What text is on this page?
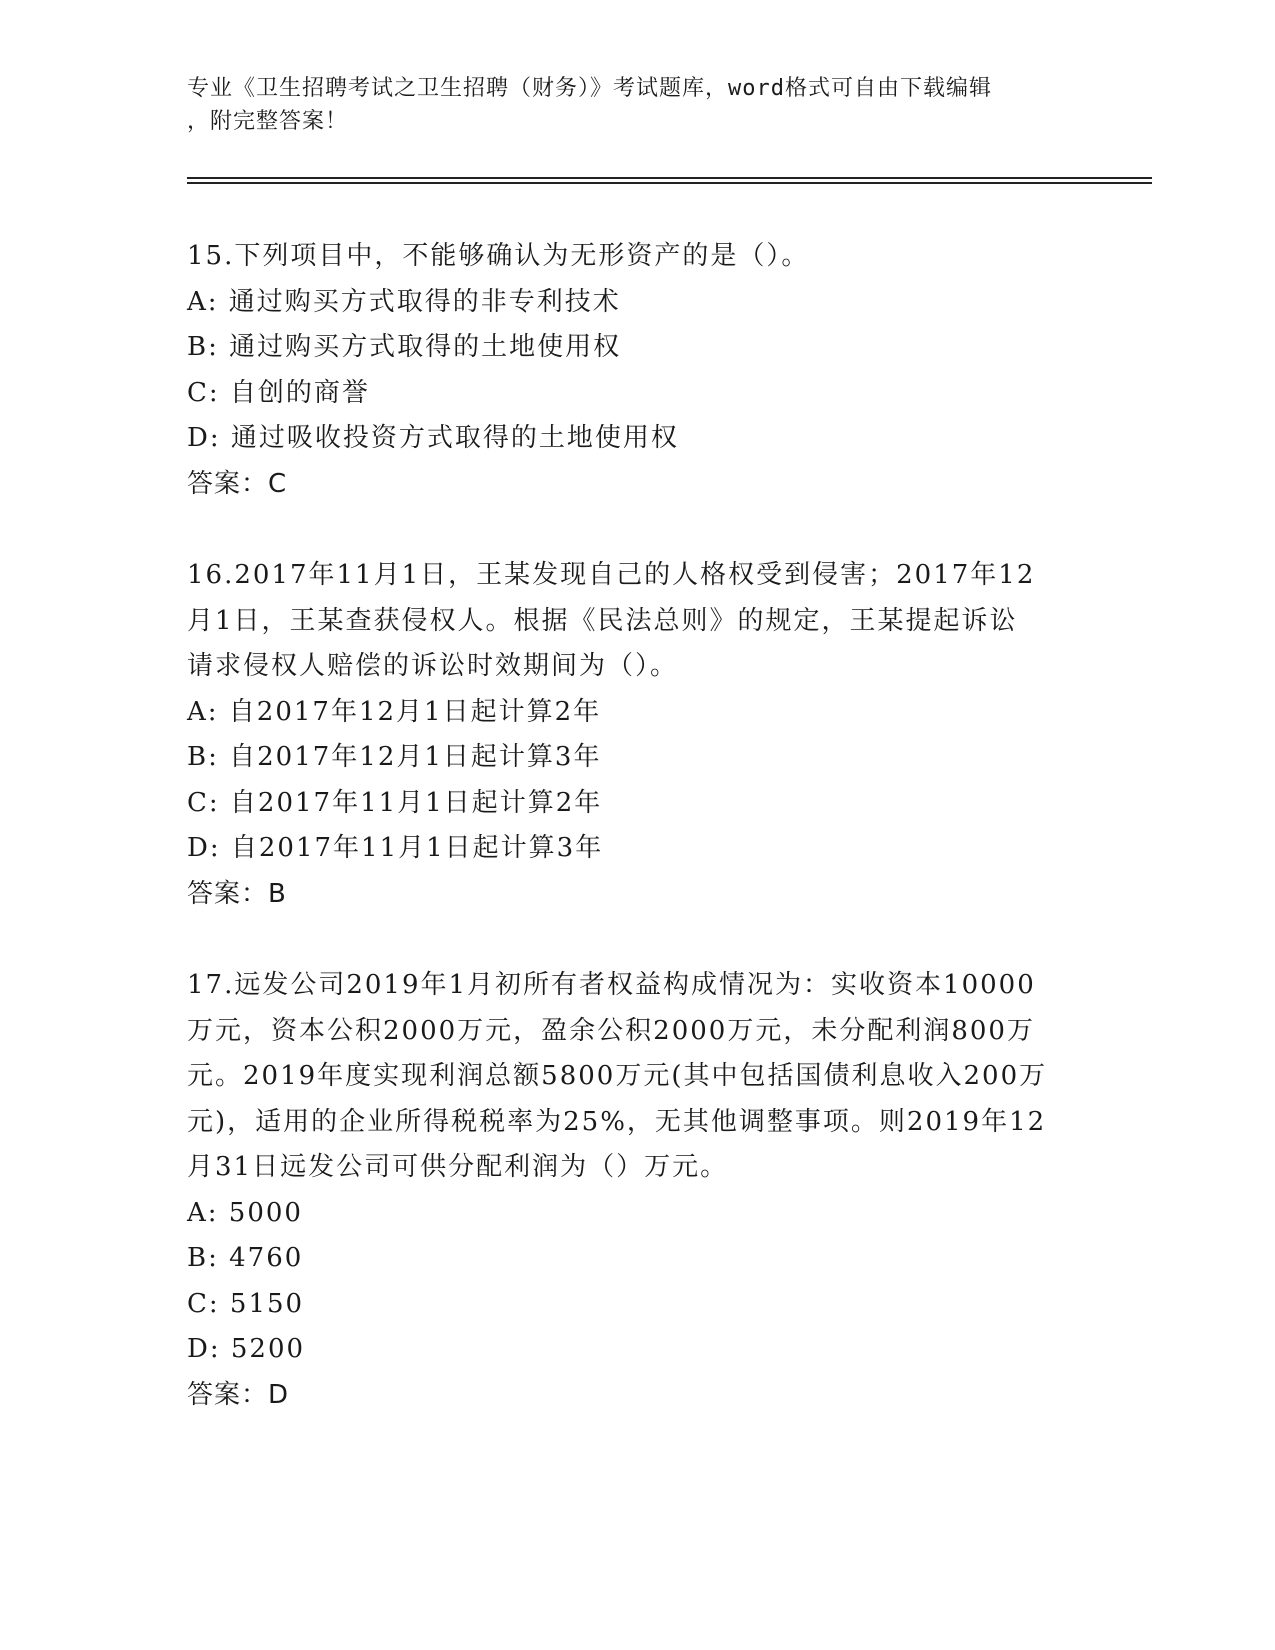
专业《卫生招聘考试之卫生招聘（财务）》考试题库，word格式可自由下载编辑
，附完整答案！
15.下列项目中，不能够确认为无形资产的是（）。
A: 通过购买方式取得的非专利技术
B: 通过购买方式取得的土地使用权
C: 自创的商誉
D: 通过吸收投资方式取得的土地使用权
答案：C
16.2017年11月1日，王某发现自己的人格权受到侵害；2017年12
月1日，王某查获侵权人。根据《民法总则》的规定，王某提起诉讼
请求侵权人赔偿的诉讼时效期间为（）。
A: 自2017年12月1日起计算2年
B: 自2017年12月1日起计算3年
C: 自2017年11月1日起计算2年
D: 自2017年11月1日起计算3年
答案：B
17.远发公司2019年1月初所有者权益构成情况为：实收资本10000
万元，资本公积2000万元，盈余公积2000万元，未分配利润800万
元。2019年度实现利润总额5800万元(其中包括国债利息收入200万
元)，适用的企业所得税税率为25%，无其他调整事项。则2019年12
月31日远发公司可供分配利润为（）万元。
A: 5000
B: 4760
C: 5150
D: 5200
答案：D
